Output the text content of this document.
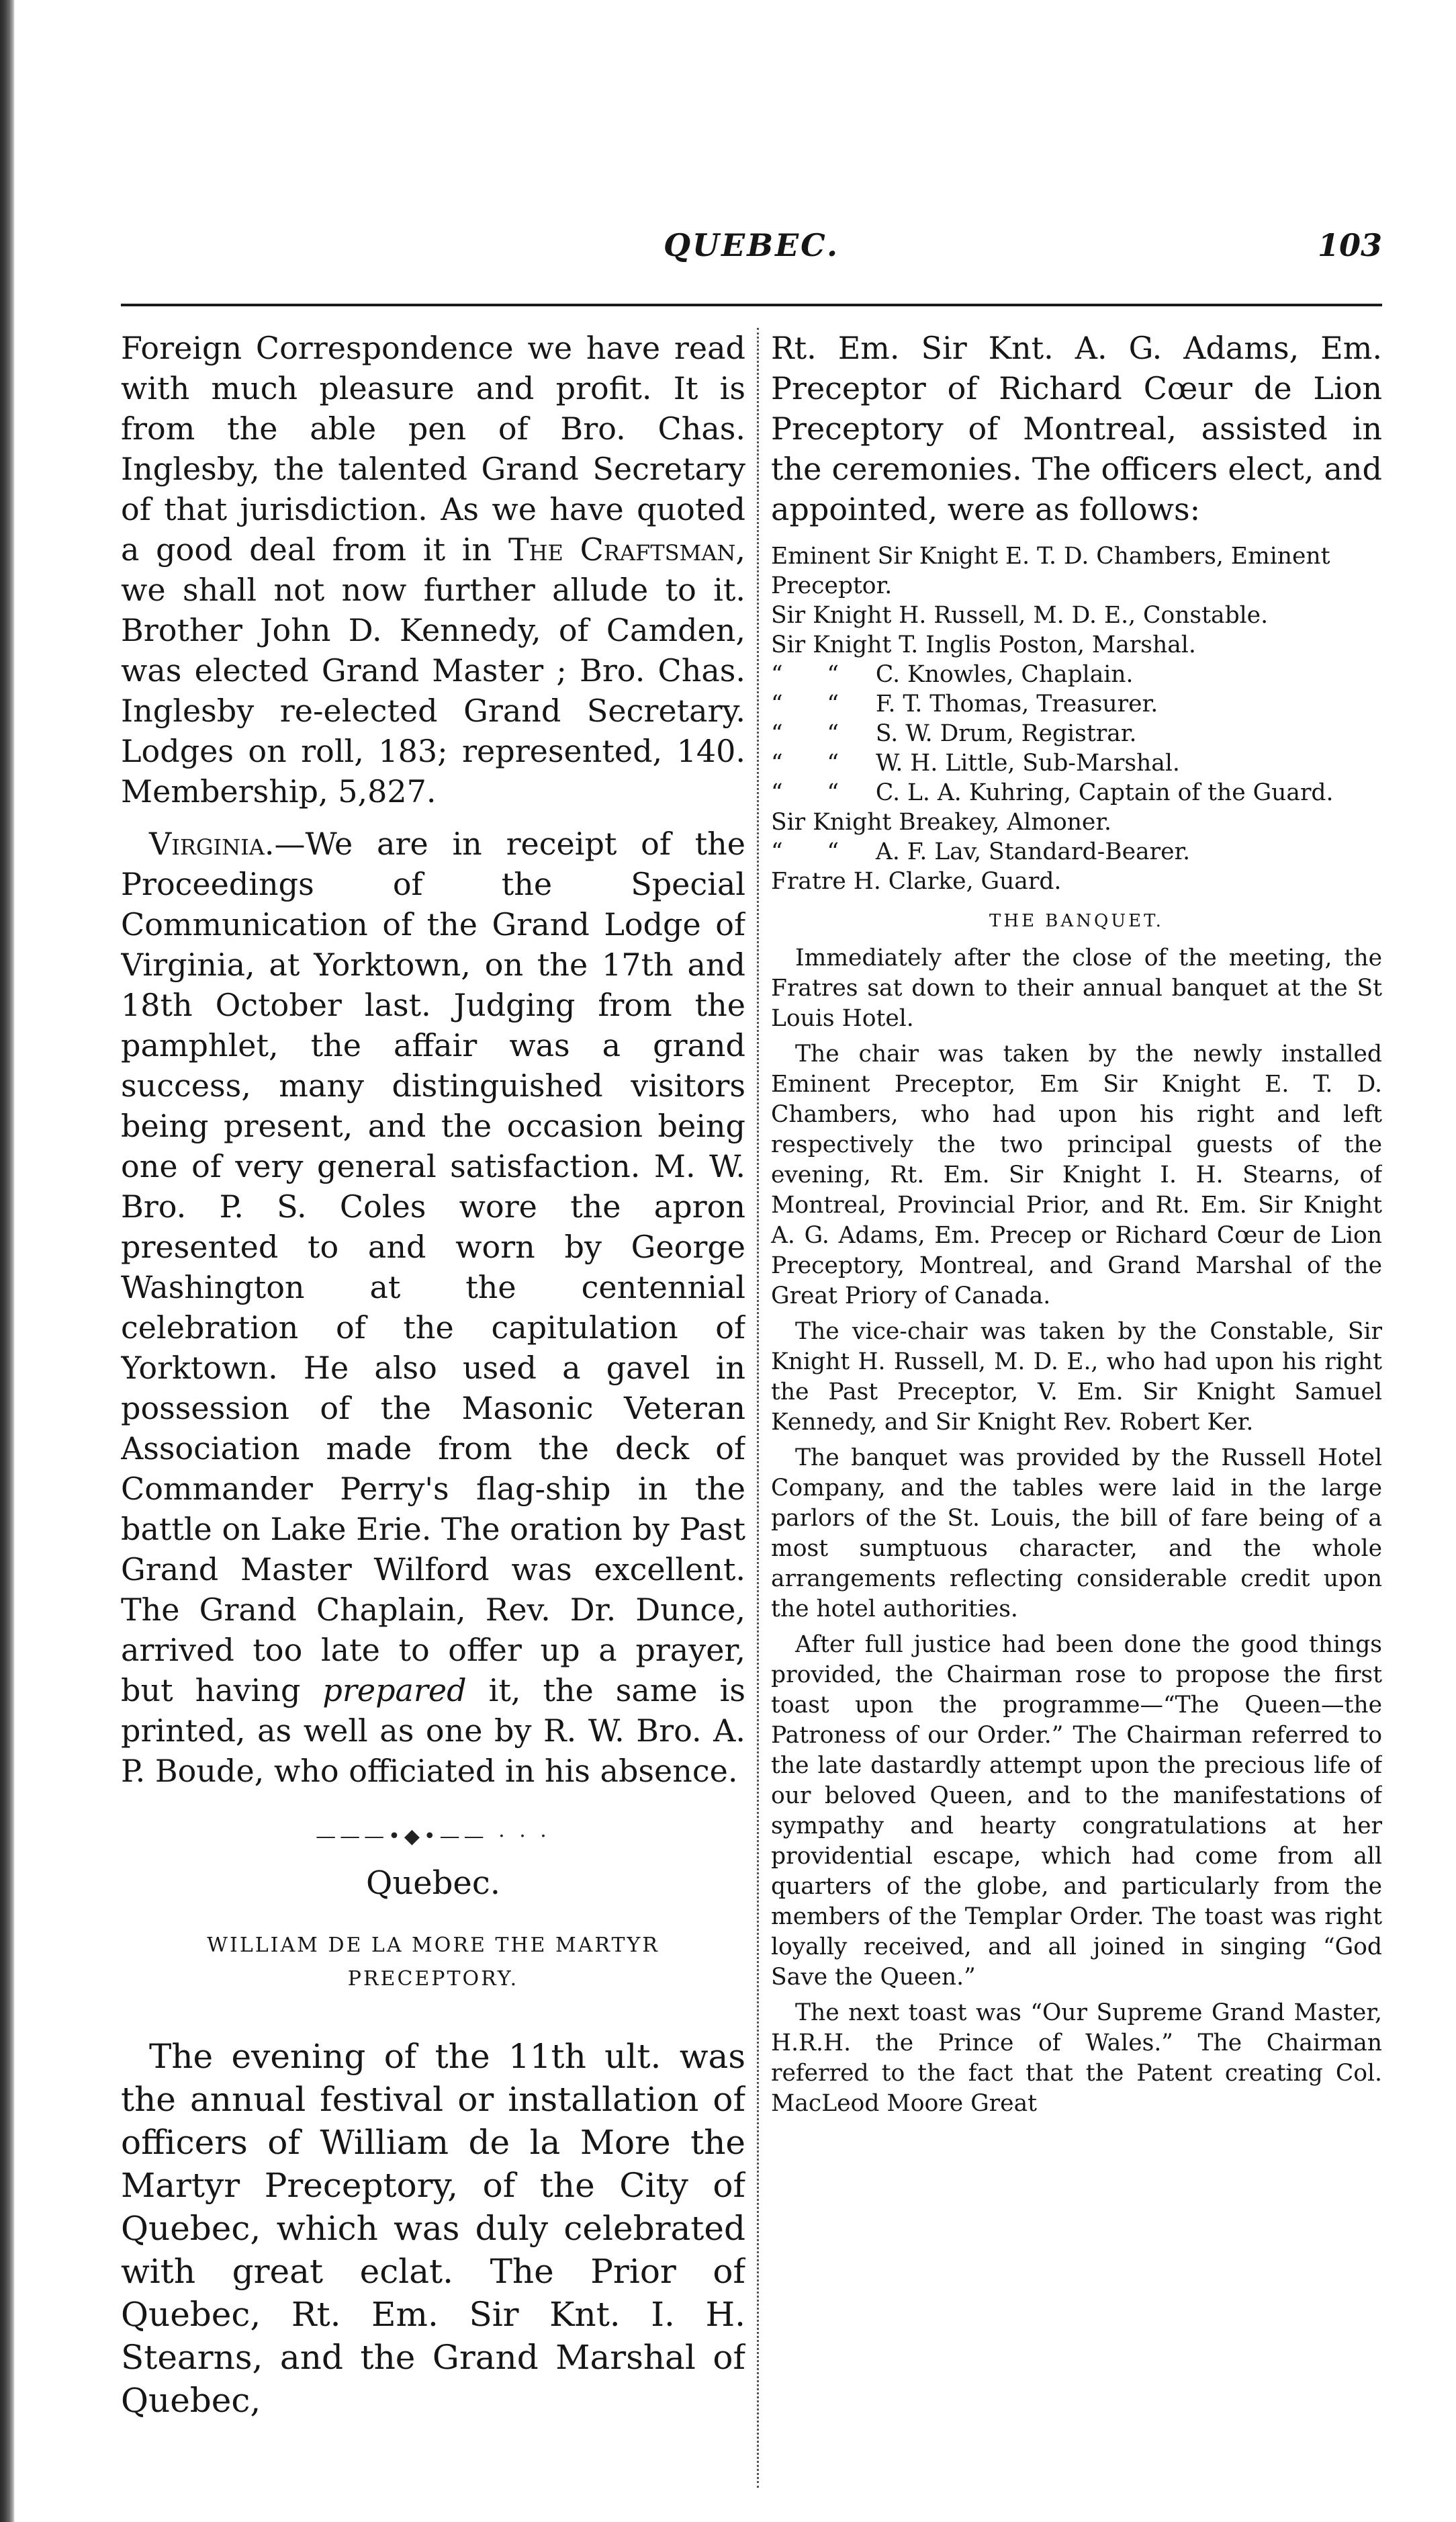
QUEBEC.	103

Foreign Correspondence we have read with much pleasure and profit. It is from the able pen of Bro. Chas. Inglesby, the talented Grand Secretary of that jurisdiction. As we have quoted a good deal from it in The Craftsman, we shall not now further allude to it. Brother John D. Kennedy, of Camden, was elected Grand Master ; Bro. Chas. Inglesby re-elected Grand Secretary. Lodges on roll, 183; represented, 140. Membership, 5,827.

Virginia.—We are in receipt of the Proceedings of the Special Communication of the Grand Lodge of Virginia, at Yorktown, on the 17th and 18th October last. Judging from the pamphlet, the affair was a grand success, many distinguished visitors being present, and the occasion being one of very general satisfaction. M. W. Bro. P. S. Coles wore the apron presented to and worn by George Washington at the centennial celebration of the capitulation of Yorktown. He also used a gavel in possession of the Masonic Veteran Association made from the deck of Commander Perry's flag-ship in the battle on Lake Erie. The oration by Past Grand Master Wilford was excellent. The Grand Chaplain, Rev. Dr. Dunce, arrived too late to offer up a prayer, but having prepared it, the same is printed, as well as one by R. W. Bro. A. P. Boude, who officiated in his absence.

———•◆•—— · · ·
Quebec.
WILLIAM DE LA MORE THE MARTYR PRECEPTORY.

The evening of the 11th ult. was the annual festival or installation of officers of William de la More the Martyr Preceptory, of the City of Quebec, which was duly celebrated with great eclat. The Prior of Quebec, Rt. Em. Sir Knt. I. H. Stearns, and the Grand Marshal of Quebec,

Rt. Em. Sir Knt. A. G. Adams, Em. Preceptor of Richard Cœur de Lion Preceptory of Montreal, assisted in the ceremonies. The officers elect, and appointed, were as follows:

Eminent Sir Knight E. T. D. Chambers, Eminent Preceptor.

Sir Knight H. Russell, M. D. E., Constable.

Sir Knight T. Inglis Poston, Marshal.

“      “     C. Knowles, Chaplain.

“      “     F. T. Thomas, Treasurer.

“      “     S. W. Drum, Registrar.

“      “     W. H. Little, Sub-Marshal.

“      “     C. L. A. Kuhring, Captain of the Guard.

Sir Knight Breakey, Almoner.

“      “     A. F. Lav, Standard-Bearer.

Fratre H. Clarke, Guard.

THE BANQUET.

Immediately after the close of the meeting, the Fratres sat down to their annual banquet at the St Louis Hotel.

The chair was taken by the newly installed Eminent Preceptor, Em Sir Knight E. T. D. Chambers, who had upon his right and left respectively the two principal guests of the evening, Rt. Em. Sir Knight I. H. Stearns, of Montreal, Provincial Prior, and Rt. Em. Sir Knight A. G. Adams, Em. Precep or Richard Cœur de Lion Preceptory, Montreal, and Grand Marshal of the Great Priory of Canada.

The vice-chair was taken by the Constable, Sir Knight H. Russell, M. D. E., who had upon his right the Past Preceptor, V. Em. Sir Knight Samuel Kennedy, and Sir Knight Rev. Robert Ker.

The banquet was provided by the Russell Hotel Company, and the tables were laid in the large parlors of the St. Louis, the bill of fare being of a most sumptuous character, and the whole arrangements reflecting considerable credit upon the hotel authorities.

After full justice had been done the good things provided, the Chairman rose to propose the first toast upon the programme—“The Queen—the Patroness of our Order.” The Chairman referred to the late dastardly attempt upon the precious life of our beloved Queen, and to the manifestations of sympathy and hearty congratulations at her providential escape, which had come from all quarters of the globe, and particularly from the members of the Templar Order. The toast was right loyally received, and all joined in singing “God Save the Queen.”

The next toast was “Our Supreme Grand Master, H.R.H. the Prince of Wales.” The Chairman referred to the fact that the Patent creating Col. MacLeod Moore Great
